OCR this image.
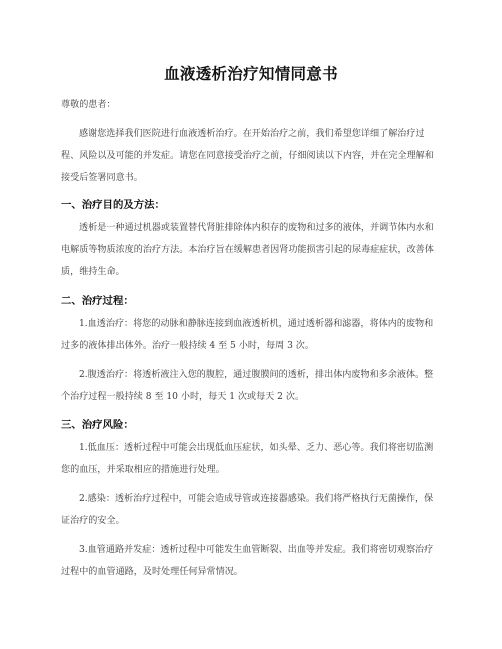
血液透析治疗知情同意书
尊敬的患者：
感谢您选择我们医院进行血液透析治疗。在开始治疗之前，我们希望您详细了解治疗过程、风险以及可能的并发症。请您在同意接受治疗之前，仔细阅读以下内容，并在完全理解和接受后签署同意书。
一、治疗目的及方法：
透析是一种通过机器或装置替代肾脏排除体内积存的废物和过多的液体，并调节体内水和电解质等物质浓度的治疗方法。本治疗旨在缓解患者因肾功能损害引起的尿毒症症状，改善体质，维持生命。
二、治疗过程：
1.血透治疗：将您的动脉和静脉连接到血液透析机，通过透析器和滤器，将体内的废物和过多的液体排出体外。治疗一般持续 4 至 5 小时，每周 3 次。
2.腹透治疗：将透析液注入您的腹腔，通过腹膜间的透析，排出体内废物和多余液体。整个治疗过程一般持续 8 至 10 小时，每天 1 次或每天 2 次。
三、治疗风险：
1.低血压：透析过程中可能会出现低血压症状，如头晕、乏力、恶心等。我们将密切监测您的血压，并采取相应的措施进行处理。
2.感染：透析治疗过程中，可能会造成导管或连接器感染。我们将严格执行无菌操作，保证治疗的安全。
3.血管通路并发症：透析过程中可能发生血管断裂、出血等并发症。我们将密切观察治疗过程中的血管通路，及时处理任何异常情况。
